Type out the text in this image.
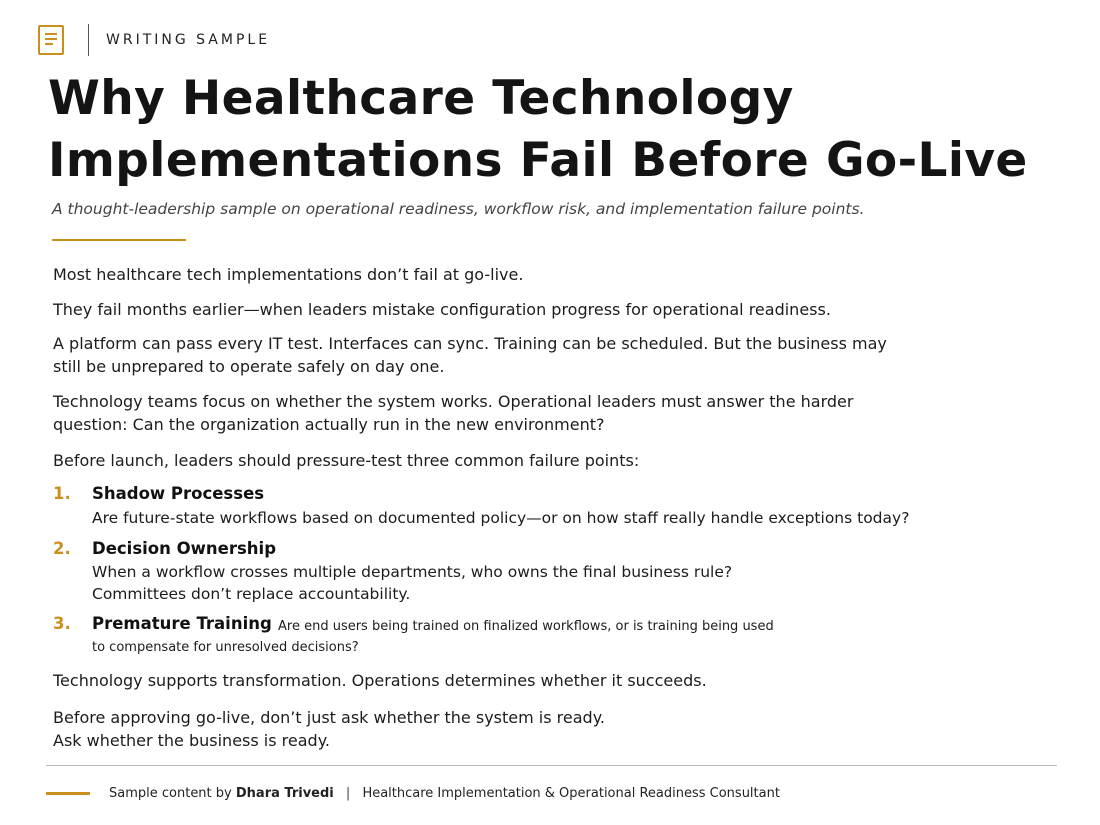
WRITING SAMPLE
Why Healthcare Technology
Implementations Fail Before Go-Live
A thought-leadership sample on operational readiness, workflow risk, and implementation failure points.

Most healthcare tech implementations don’t fail at go-live.

They fail months earlier—when leaders mistake configuration progress for operational readiness.

A platform can pass every IT test. Interfaces can sync. Training can be scheduled. But the business may

still be unprepared to operate safely on day one.

Technology teams focus on whether the system works. Operational leaders must answer the harder

question: Can the organization actually run in the new environment?

Before launch, leaders should pressure-test three common failure points:

1. Shadow Processes
Are future-state workflows based on documented policy—or on how staff really handle exceptions today?
2. Decision Ownership
When a workflow crosses multiple departments, who owns the final business rule?
Committees don’t replace accountability.
3. Premature Training Are end users being trained on finalized workflows, or is training being used
to compensate for unresolved decisions?

Technology supports transformation. Operations determines whether it succeeds.

Before approving go-live, don’t just ask whether the system is ready.

Ask whether the business is ready.

Sample content by Dhara Trivedi | Healthcare Implementation & Operational Readiness Consultant
